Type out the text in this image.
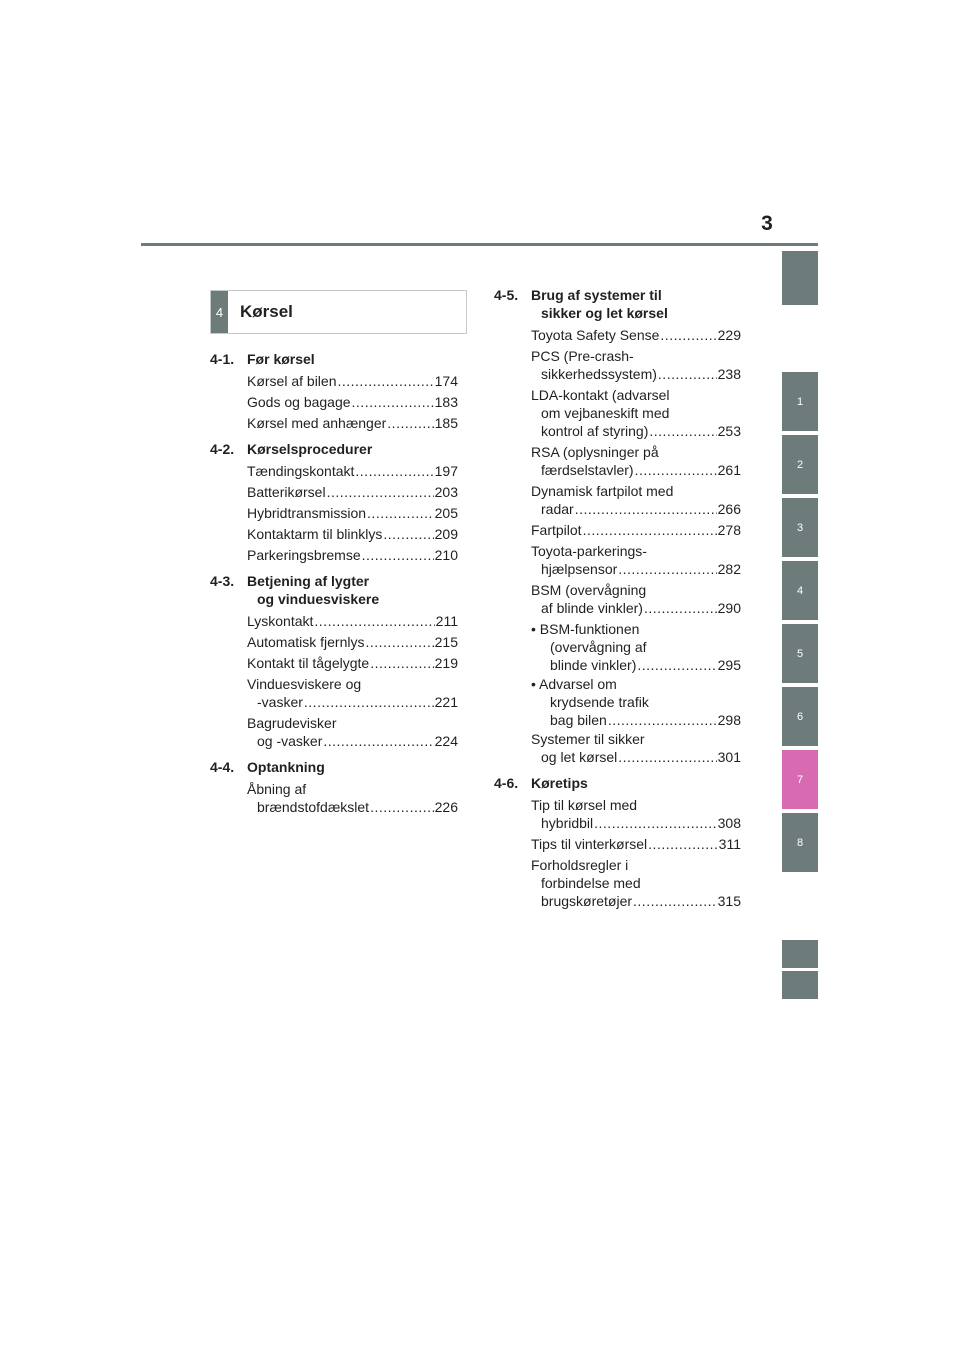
3
1
2
3
4
5
6
7
8
4 Kørsel
4-1. Før kørsel
Kørsel af bilen .....	174
Gods og bagage .....	183
Kørsel med anhænger .....	185
4-2. Kørselsprocedurer
Tændingskontakt .....	197
Batterikørsel .....	203
Hybridtransmission .....	205
Kontaktarm til blinklys .....	209
Parkeringsbremse .....	210
4-3. Betjening af lygter
og vinduesviskere
Lyskontakt .....	211
Automatisk fjernlys .....	215
Kontakt til tågelygte .....	219
Vinduesviskere og
-vasker .....	221
Bagrudevisker
og -vasker .....	224
4-4. Optankning
Åbning af
brændstofdækslet .....	226
4-5. Brug af systemer til
sikker og let kørsel
Toyota Safety Sense .....	229
PCS (Pre-crash-
sikkerhedssystem) .....	238
LDA-kontakt (advarsel
om vejbaneskift med
kontrol af styring) .....	253
RSA (oplysninger på
færdselstavler) .....	261
Dynamisk fartpilot med
radar .....	266
Fartpilot .....	278
Toyota-parkerings-
hjælpsensor .....	282
BSM (overvågning
af blinde vinkler) .....	290
• BSM-funktionen
(overvågning af
blinde vinkler) .....	295
• Advarsel om
krydsende trafik
bag bilen .....	298
Systemer til sikker
og let kørsel .....	301
4-6. Køretips
Tip til kørsel med
hybridbil .....	308
Tips til vinterkørsel .....	311
Forholdsregler i
forbindelse med
brugskøretøjer .....	315
